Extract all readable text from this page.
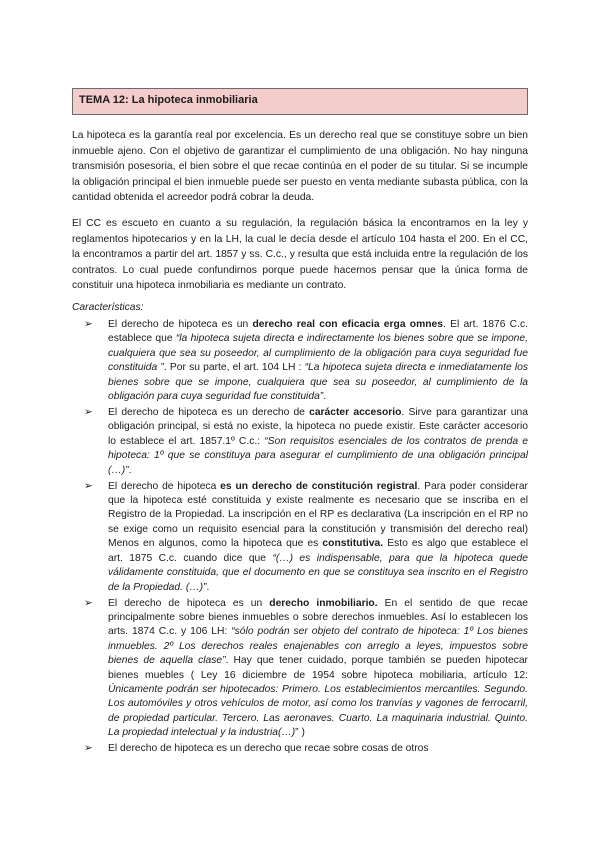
TEMA 12: La hipoteca inmobiliaria

La hipoteca es la garantía real por excelencia. Es un derecho real que se constituye sobre un bien inmueble ajeno. Con el objetivo de garantizar el cumplimiento de una obligación. No hay ninguna transmisión posesoria, el bien sobre el que recae continúa en el poder de su titular. Si se incumple la obligación principal el bien inmueble puede ser puesto en venta mediante subasta pública, con la cantidad obtenida el acreedor podrá cobrar la deuda.

El CC es escueto en cuanto a su regulación, la regulación básica la encontramos en la ley y reglamentos hipotecarios y en la LH, la cual le decía desde el artículo 104 hasta el 200. En el CC, la encontramos a partir del art. 1857 y ss. C.c., y resulta que está incluida entre la regulación de los contratos. Lo cual puede confundirnos porque puede hacernos pensar que la única forma de constituir una hipoteca inmobiliaria es mediante un contrato.

Características:

➢ El derecho de hipoteca es un derecho real con eficacia erga omnes. El art. 1876 C.c. establece que “la hipoteca sujeta directa e indirectamente los bienes sobre que se impone, cualquiera que sea su poseedor, al cumplimiento de la obligación para cuya seguridad fue constituida ”. Por su parte, el art. 104 LH : “La hipoteca sujeta directa e inmediatamente los bienes sobre que se impone, cualquiera que sea su poseedor, al cumplimiento de la obligación para cuya seguridad fue constituida”.
➢ El derecho de hipoteca es un derecho de carácter accesorio. Sirve para garantizar una obligación principal, si está no existe, la hipoteca no puede existir. Este carácter accesorio lo establece el art. 1857.1º C.c.: “Son requisitos esenciales de los contratos de prenda e hipoteca: 1º que se constituya para asegurar el cumplimiento de una obligación principal (…)”.
➢ El derecho de hipoteca es un derecho de constitución registral. Para poder considerar que la hipoteca esté constituida y existe realmente es necesario que se inscriba en el Registro de la Propiedad. La inscripción en el RP es declarativa (La inscripción en el RP no se exige como un requisito esencial para la constitución y transmisión del derecho real) Menos en algunos, como la hipoteca que es constitutiva. Esto es algo que establece el art. 1875 C.c. cuando dice que “(…) es indispensable, para que la hipoteca quede válidamente constituida, que el documento en que se constituya sea inscrito en el Registro de la Propiedad. (…)”.
➢ El derecho de hipoteca es un derecho inmobiliario. En el sentido de que recae principalmente sobre bienes inmuebles o sobre derechos inmuebles. Así lo establecen los arts. 1874 C.c. y 106 LH: “sólo podrán ser objeto del contrato de hipoteca: 1º Los bienes inmuebles. 2º Los derechos reales enajenables con arreglo a leyes, impuestos sobre bienes de aquella clase”. Hay que tener cuidado, porque también se pueden hipotecar bienes muebles ( Ley 16 diciembre de 1954 sobre hipoteca mobiliaria, artículo 12: Únicamente podrán ser hipotecados: Primero. Los establecimientos mercantiles. Segundo. Los automóviles y otros vehículos de motor, así como los tranvías y vagones de ferrocarril, de propiedad particular. Tercero. Las aeronaves. Cuarto. La maquinaria industrial. Quinto. La propiedad intelectual y la industria(…)” )
➢ El derecho de hipoteca es un derecho que recae sobre cosas de otros
